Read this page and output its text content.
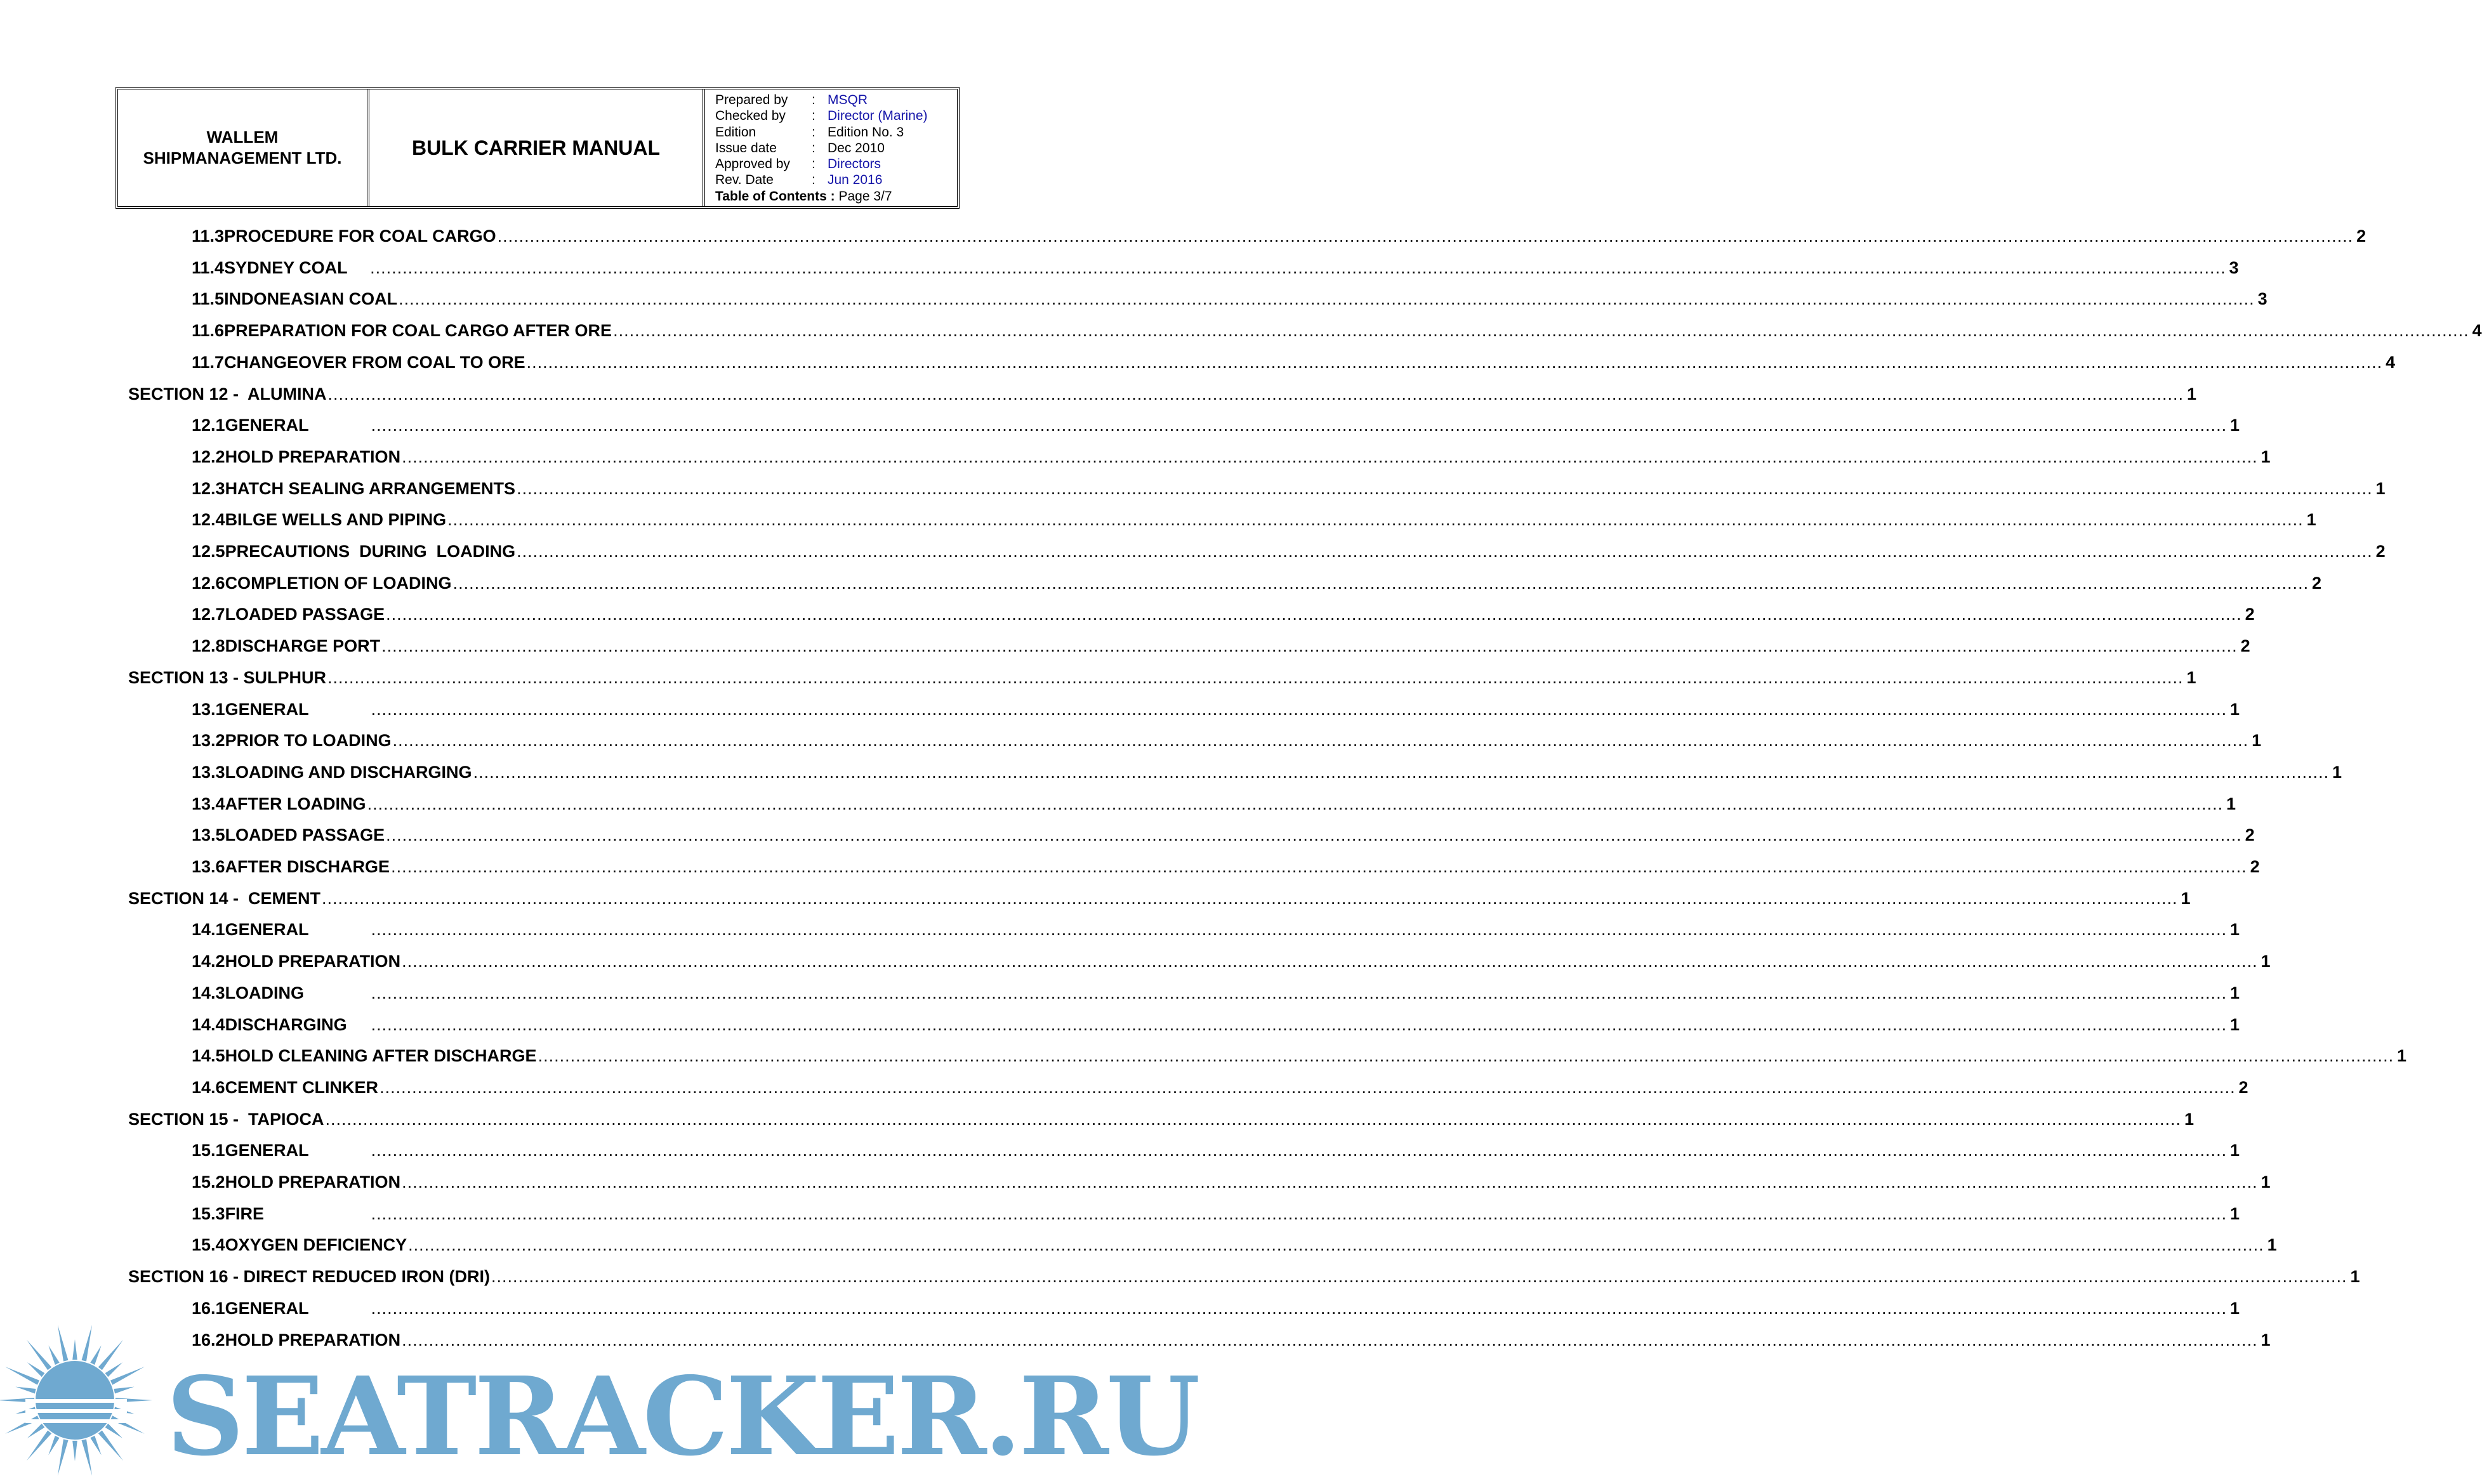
WALLEM
SHIPMANAGEMENT LTD.	BULK CARRIER MANUAL
Prepared by	: MSQR
Checked by	: Director (Marine)
Edition	: Edition No. 3
Issue date	: Dec 2010
Approved by	: Directors
Rev. Date	: Jun 2016
Table of Contents :
Page 3/7
11.3 PROCEDURE FOR COAL CARGO .....	2
11.4 SYDNEY COAL .....	3
11.5 INDONEASIAN COAL .....	3
11.6 PREPARATION FOR COAL CARGO AFTER ORE .....	4
11.7 CHANGEOVER FROM COAL TO ORE .....	4
SECTION 12 -  ALUMINA .....	1
12.1 GENERAL .....	1
12.2 HOLD PREPARATION .....	1
12.3 HATCH SEALING ARRANGEMENTS .....	1
12.4 BILGE WELLS AND PIPING .....	1
12.5 PRECAUTIONS  DURING  LOADING .....	2
12.6 COMPLETION OF LOADING .....	2
12.7 LOADED PASSAGE .....	2
12.8 DISCHARGE PORT .....	2
SECTION 13 - SULPHUR .....	1
13.1 GENERAL .....	1
13.2 PRIOR TO LOADING .....	1
13.3 LOADING AND DISCHARGING .....	1
13.4 AFTER LOADING .....	1
13.5 LOADED PASSAGE .....	2
13.6 AFTER DISCHARGE .....	2
SECTION 14 -  CEMENT .....	1
14.1 GENERAL .....	1
14.2 HOLD PREPARATION .....	1
14.3 LOADING .....	1
14.4 DISCHARGING .....	1
14.5 HOLD CLEANING AFTER DISCHARGE .....	1
14.6 CEMENT CLINKER .....	2
SECTION 15 -  TAPIOCA .....	1
15.1 GENERAL .....	1
15.2 HOLD PREPARATION .....	1
15.3 FIRE .....	1
15.4 OXYGEN DEFICIENCY .....	1
SECTION 16 - DIRECT REDUCED IRON (DRI) .....	1
16.1 GENERAL .....	1
16.2 HOLD PREPARATION .....	1
SEATRACKER.RU
